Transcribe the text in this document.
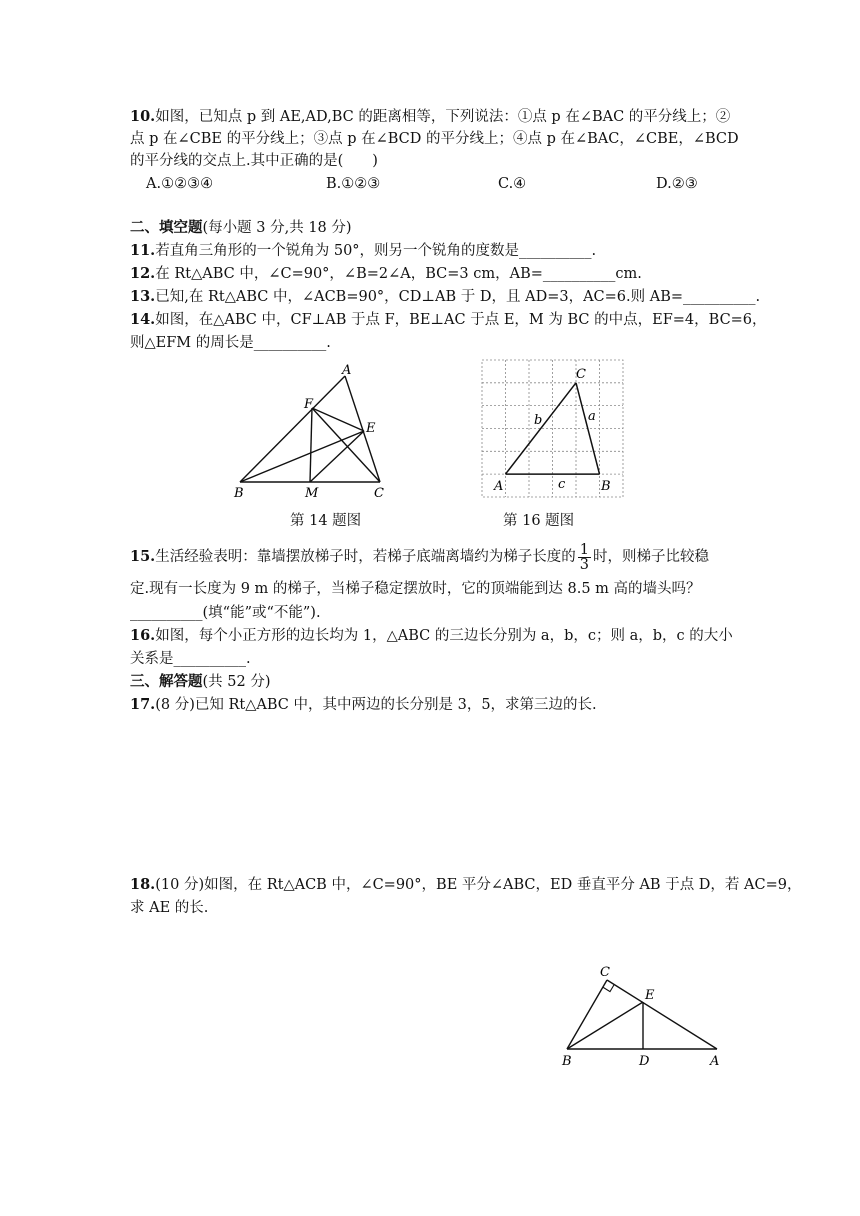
10.如图，已知点 p 到 AE,AD,BC 的距离相等，下列说法：①点 p 在∠BAC 的平分线上；②
点 p 在∠CBE 的平分线上；③点 p 在∠BCD 的平分线上；④点 p 在∠BAC，∠CBE，∠BCD
的平分线的交点上.其中正确的是(　　)
A.①②③④	B.①②③	C.④	D.②③
二、填空题(每小题 3 分,共 18 分)
11.若直角三角形的一个锐角为 50°，则另一个锐角的度数是__________.
12.在 Rt△ABC 中，∠C=90°，∠B=2∠A，BC=3 cm，AB=__________cm.
13.已知,在 Rt△ABC 中，∠ACB=90°，CD⊥AB 于 D，且 AD=3，AC=6.则 AB=__________.
14.如图，在△ABC 中，CF⊥AB 于点 F，BE⊥AC 于点 E，M 为 BC 的中点，EF=4，BC=6，
则△EFM 的周长是__________.
A
F
E
B	M	C
第 14 题图
C
A	B
b	a
c
第 16 题图
15.生活经验表明：靠墙摆放梯子时，若梯子底端离墙约为梯子长度的 $\frac{1}{3}$ 时，则梯子比较稳
定.现有一长度为 9 m 的梯子，当梯子稳定摆放时，它的顶端能到达 8.5 m 高的墙头吗？
__________(填“能”或“不能”).
16.如图，每个小正方形的边长均为 1，△ABC 的三边长分别为 a，b，c；则 a，b，c 的大小
关系是__________.
三、解答题(共 52 分)
17.(8 分)已知 Rt△ABC 中，其中两边的长分别是 3，5，求第三边的长.
18.(10 分)如图，在 Rt△ACB 中，∠C=90°，BE 平分∠ABC，ED 垂直平分 AB 于点 D，若 AC=9，
求 AE 的长.
C
E
B	D	A
